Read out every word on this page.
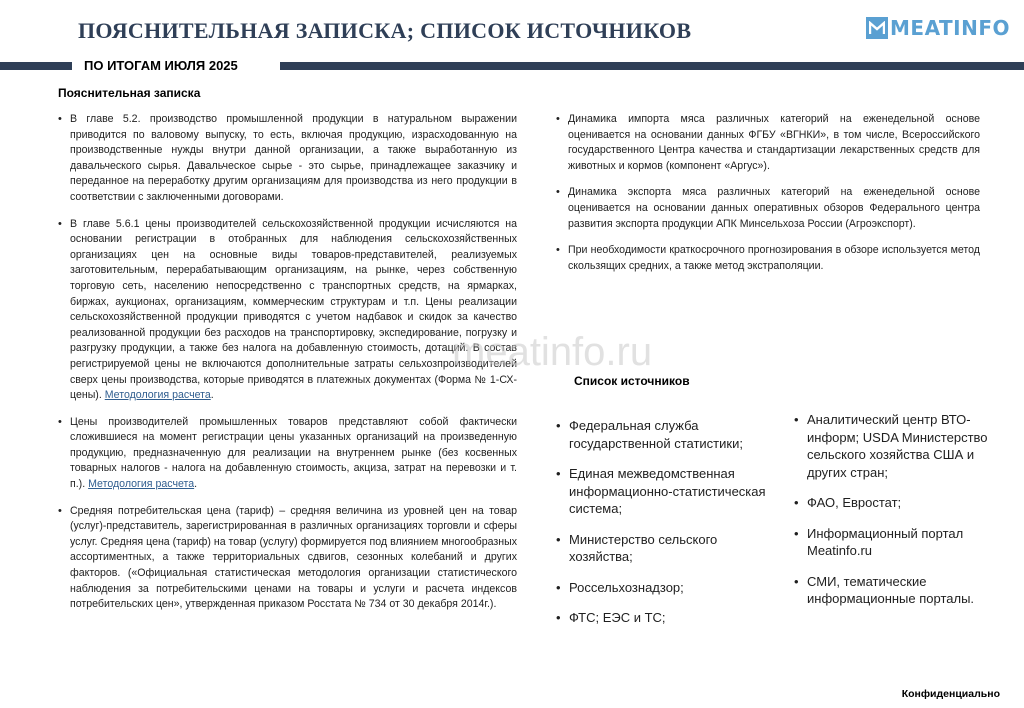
ПОЯСНИТЕЛЬНАЯ ЗАПИСКА; СПИСОК ИСТОЧНИКОВ	MEATINFO
ПО ИТОГАМ ИЮЛЯ 2025
Пояснительная записка
• В главе 5.2. производство промышленной продукции в натуральном выражении приводится по валовому выпуску, то есть, включая продукцию, израсходованную на производственные нужды внутри данной организации, а также выработанную из давальческого сырья. Давальческое сырье - это сырье, принадлежащее заказчику и переданное на переработку другим организациям для производства из него продукции в соответствии с заключенными договорами.
• В главе 5.6.1 цены производителей сельскохозяйственной продукции исчисляются на основании регистрации в отобранных для наблюдения сельскохозяйственных организациях цен на основные виды товаров-представителей, реализуемых заготовительным, перерабатывающим организациям, на рынке, через собственную торговую сеть, населению непосредственно с транспортных средств, на ярмарках, биржах, аукционах, организациям, коммерческим структурам и т.п. Цены реализации сельскохозяйственной продукции приводятся с учетом надбавок и скидок за качество реализованной продукции без расходов на транспортировку, экспедирование, погрузку и разгрузку продукции, а также без налога на добавленную стоимость, дотаций. В состав регистрируемой цены не включаются дополнительные затраты сельхозпроизводителей сверх цены производства, которые приводятся в платежных документах (Форма № 1-СХ-цены). Методология расчета.
• Цены производителей промышленных товаров представляют собой фактически сложившиеся на момент регистрации цены указанных организаций на произведенную продукцию, предназначенную для реализации на внутреннем рынке (без косвенных товарных налогов - налога на добавленную стоимость, акциза, затрат на перевозки и т. п.). Методология расчета.
• Средняя потребительская цена (тариф) – средняя величина из уровней цен на товар (услуг)-представитель, зарегистрированная в различных организациях торговли и сферы услуг. Средняя цена (тариф) на товар (услугу) формируется под влиянием многообразных ассортиментных, а также территориальных сдвигов, сезонных колебаний и других факторов. («Официальная статистическая методология организации статистического наблюдения за потребительскими ценами на товары и услуги и расчета индексов потребительских цен», утвержденная приказом Росстата № 734 от 30 декабря 2014г.).
• Динамика импорта мяса различных категорий на еженедельной основе оценивается на основании данных ФГБУ «ВГНКИ», в том числе, Всероссийского государственного Центра качества и стандартизации лекарственных средств для животных и кормов (компонент «Аргус»).
• Динамика экспорта мяса различных категорий на еженедельной основе оценивается на основании данных оперативных обзоров Федерального центра развития экспорта продукции АПК Минсельхоза России (Агроэкспорт).
• При необходимости краткосрочного прогнозирования в обзоре используется метод скользящих средних, а также метод экстраполяции.
meatinfo.ru
Список источников
• Федеральная служба государственной статистики;
• Единая межведомственная информационно-статистическая система;
• Министерство сельского хозяйства;
• Россельхознадзор;
• ФТС; ЕЭС и ТС;
• Аналитический центр ВТО-информ; USDA Министерство сельского хозяйства США и других стран;
• ФАО, Евростат;
• Информационный портал Meatinfo.ru
• СМИ, тематические информационные порталы.
Конфиденциально
